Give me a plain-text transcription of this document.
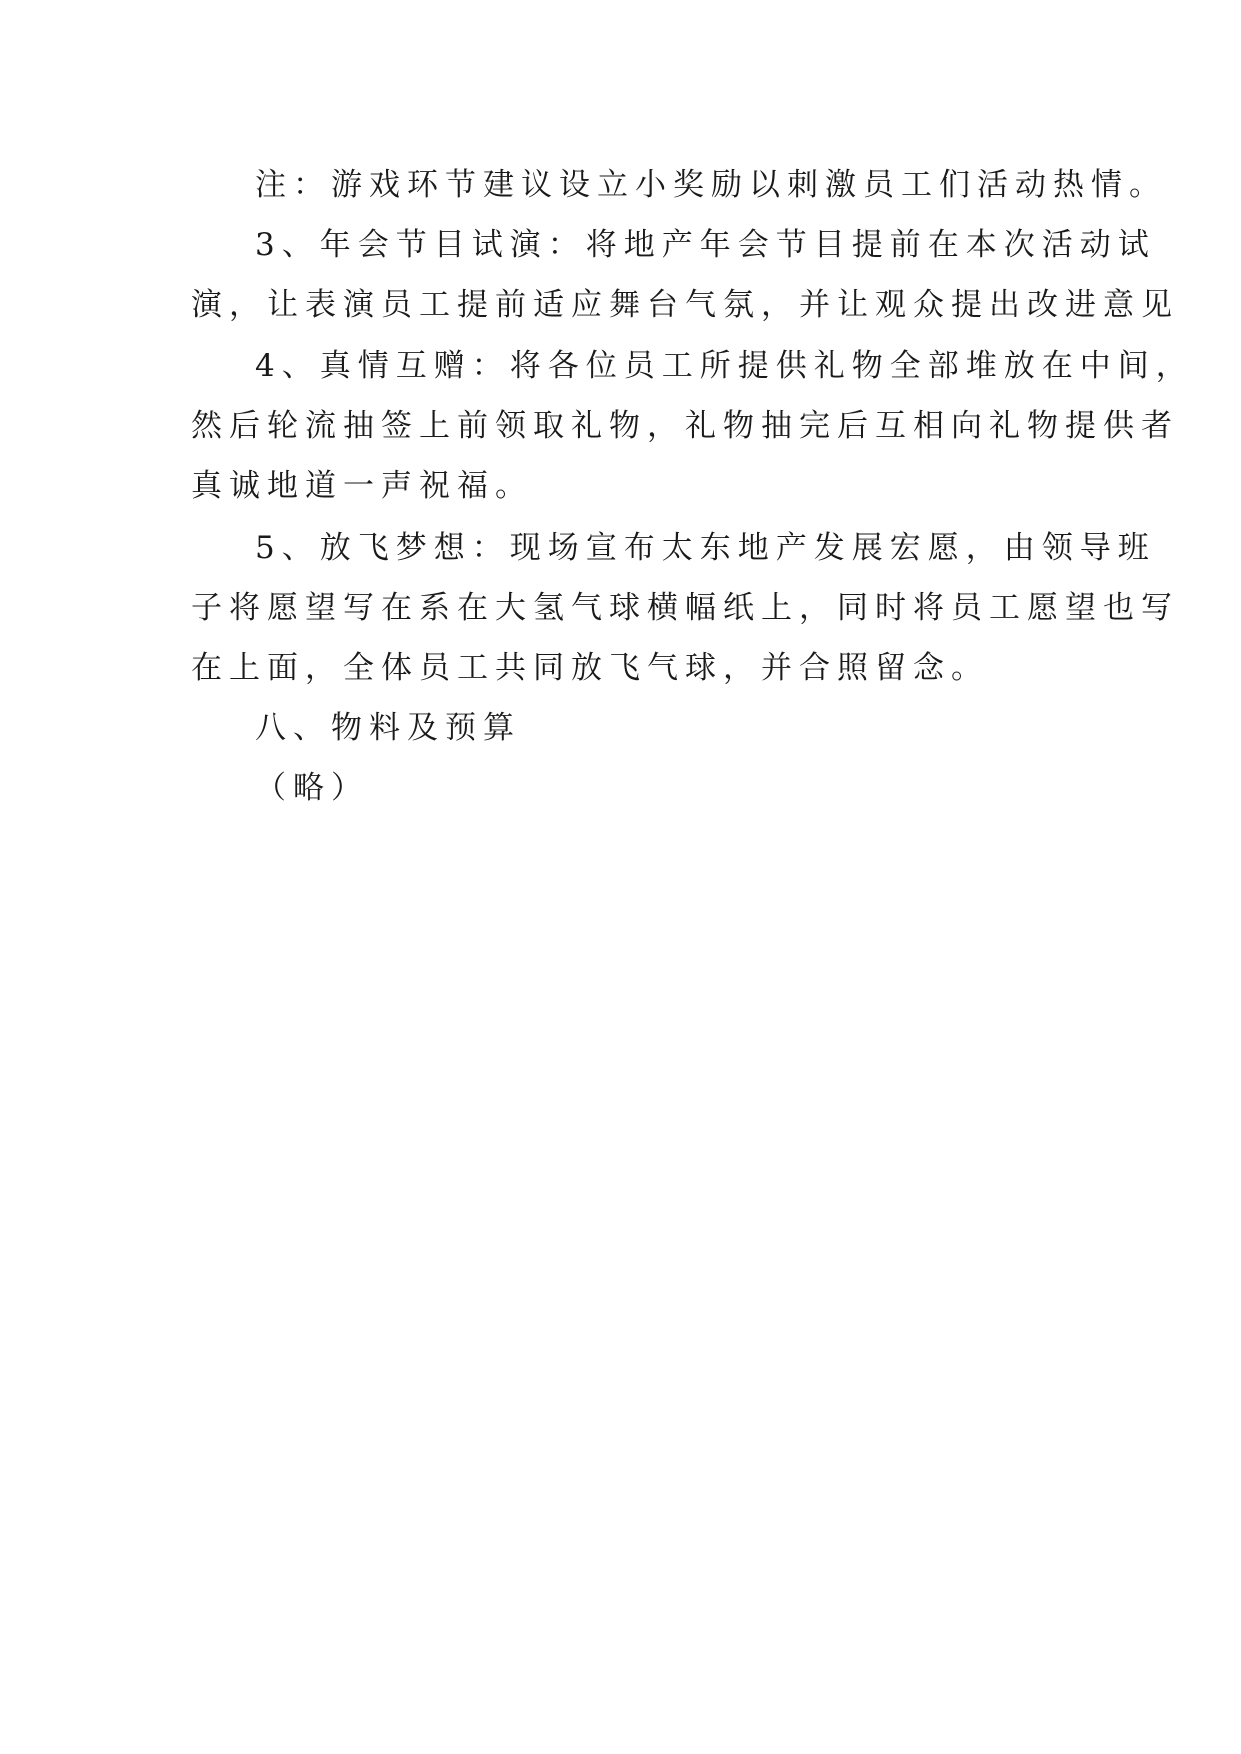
注：游戏环节建议设立小奖励以刺激员工们活动热情。
3、年会节目试演：将地产年会节目提前在本次活动试
演，让表演员工提前适应舞台气氛，并让观众提出改进意见
4、真情互赠：将各位员工所提供礼物全部堆放在中间，
然后轮流抽签上前领取礼物，礼物抽完后互相向礼物提供者
真诚地道一声祝福。
5、放飞梦想：现场宣布太东地产发展宏愿，由领导班
子将愿望写在系在大氢气球横幅纸上，同时将员工愿望也写
在上面，全体员工共同放飞气球，并合照留念。
八、物料及预算
（略）
